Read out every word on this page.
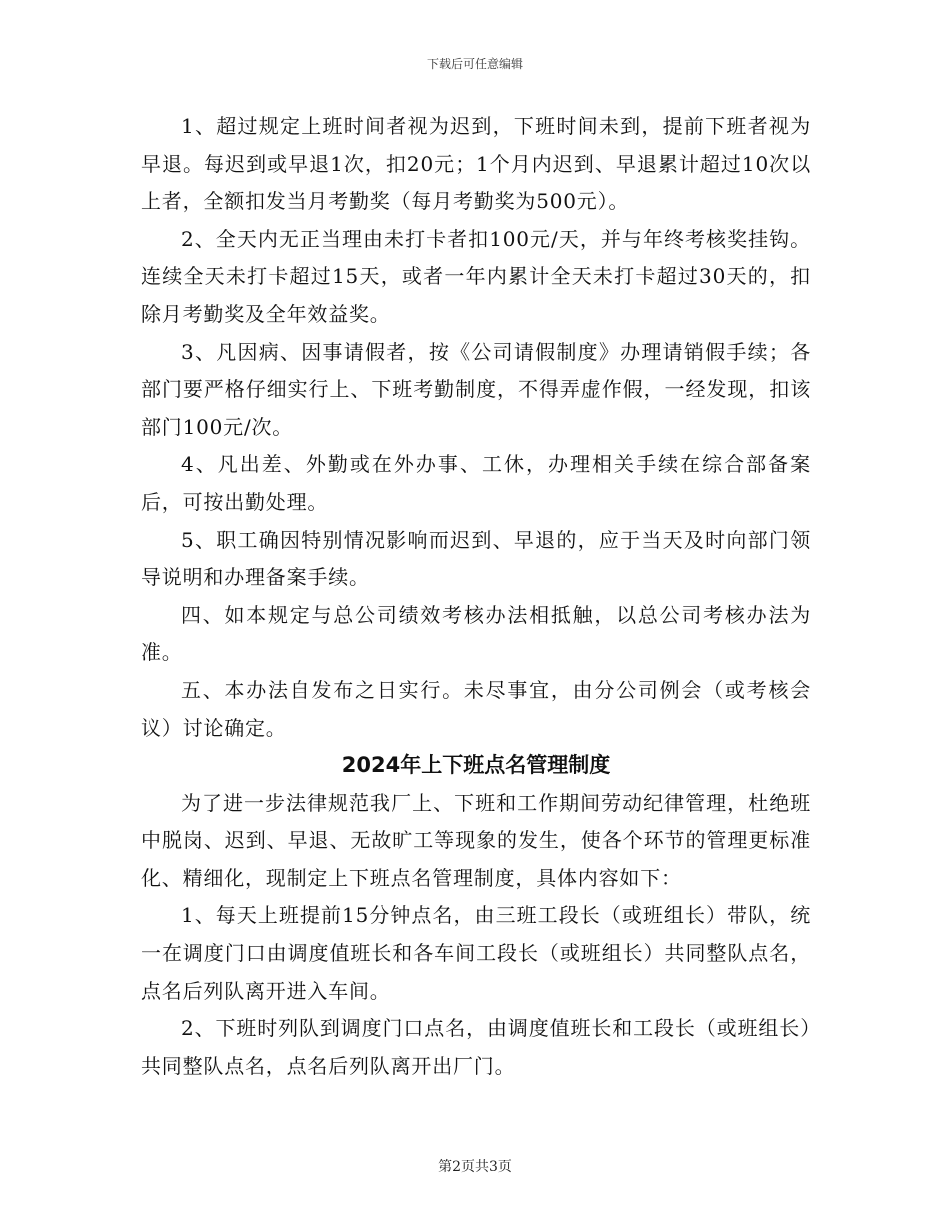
下载后可任意编辑

1、超过规定上班时间者视为迟到，下班时间未到，提前下班者视为早退。每迟到或早退1次，扣20元；1个月内迟到、早退累计超过10次以上者，全额扣发当月考勤奖（每月考勤奖为500元）。

2、全天内无正当理由未打卡者扣100元/天，并与年终考核奖挂钩。连续全天未打卡超过15天，或者一年内累计全天未打卡超过30天的，扣除月考勤奖及全年效益奖。

3、凡因病、因事请假者，按《公司请假制度》办理请销假手续；各部门要严格仔细实行上、下班考勤制度，不得弄虚作假，一经发现，扣该部门100元/次。

4、凡出差、外勤或在外办事、工休，办理相关手续在综合部备案后，可按出勤处理。

5、职工确因特别情况影响而迟到、早退的，应于当天及时向部门领导说明和办理备案手续。

四、如本规定与总公司绩效考核办法相抵触，以总公司考核办法为准。

五、本办法自发布之日实行。未尽事宜，由分公司例会（或考核会议）讨论确定。

2024年上下班点名管理制度

为了进一步法律规范我厂上、下班和工作期间劳动纪律管理，杜绝班中脱岗、迟到、早退、无故旷工等现象的发生，使各个环节的管理更标准化、精细化，现制定上下班点名管理制度，具体内容如下：

1、每天上班提前15分钟点名，由三班工段长（或班组长）带队，统一在调度门口由调度值班长和各车间工段长（或班组长）共同整队点名，点名后列队离开进入车间。

2、下班时列队到调度门口点名，由调度值班长和工段长（或班组长）共同整队点名，点名后列队离开出厂门。

第2页共3页
